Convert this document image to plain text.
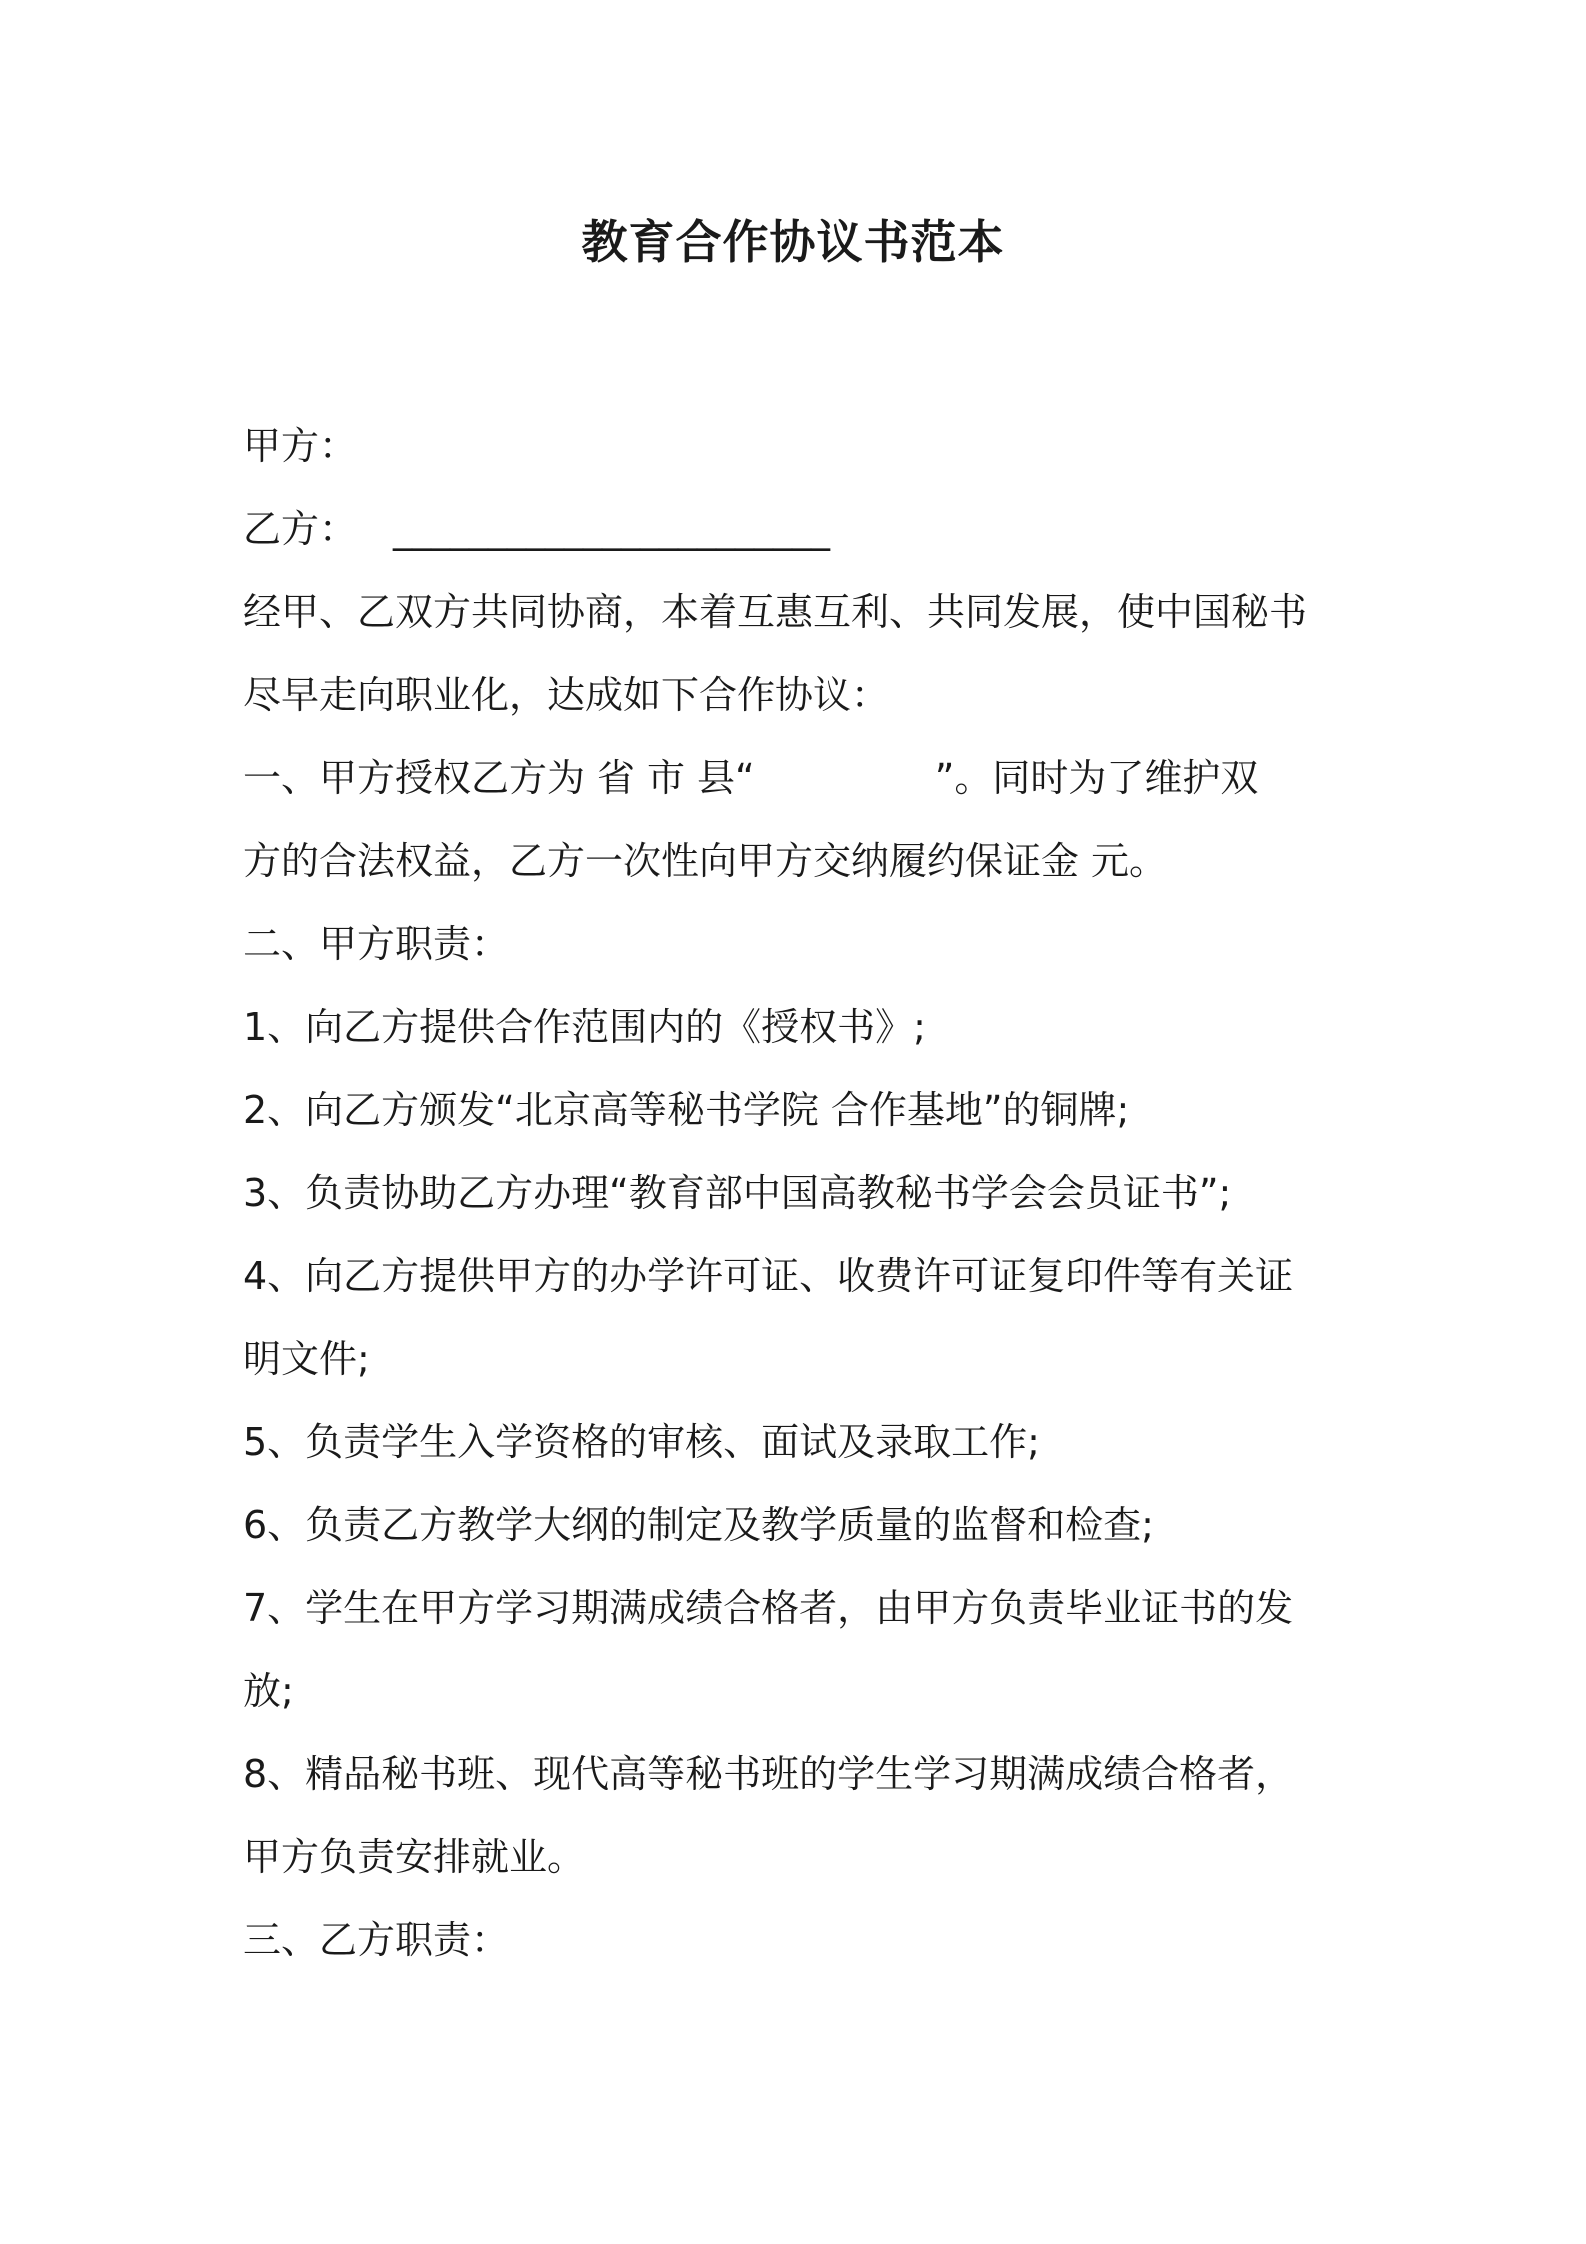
教育合作协议书范本
甲方：
乙方： _______________________
经甲、乙双方共同协商，本着互惠互利、共同发展，使中国秘书
尽早走向职业化，达成如下合作协议：
一、甲方授权乙方为 省 市 县“	”。同时为了维护双
方的合法权益，乙方一次性向甲方交纳履约保证金 元。
二、甲方职责：
1、向乙方提供合作范围内的《授权书》;
2、向乙方颁发“北京高等秘书学院 合作基地”的铜牌;
3、负责协助乙方办理“教育部中国高教秘书学会会员证书”;
4、向乙方提供甲方的办学许可证、收费许可证复印件等有关证
明文件;
5、负责学生入学资格的审核、面试及录取工作;
6、负责乙方教学大纲的制定及教学质量的监督和检查;
7、学生在甲方学习期满成绩合格者，由甲方负责毕业证书的发
放;
8、精品秘书班、现代高等秘书班的学生学习期满成绩合格者，
甲方负责安排就业。
三、乙方职责：
